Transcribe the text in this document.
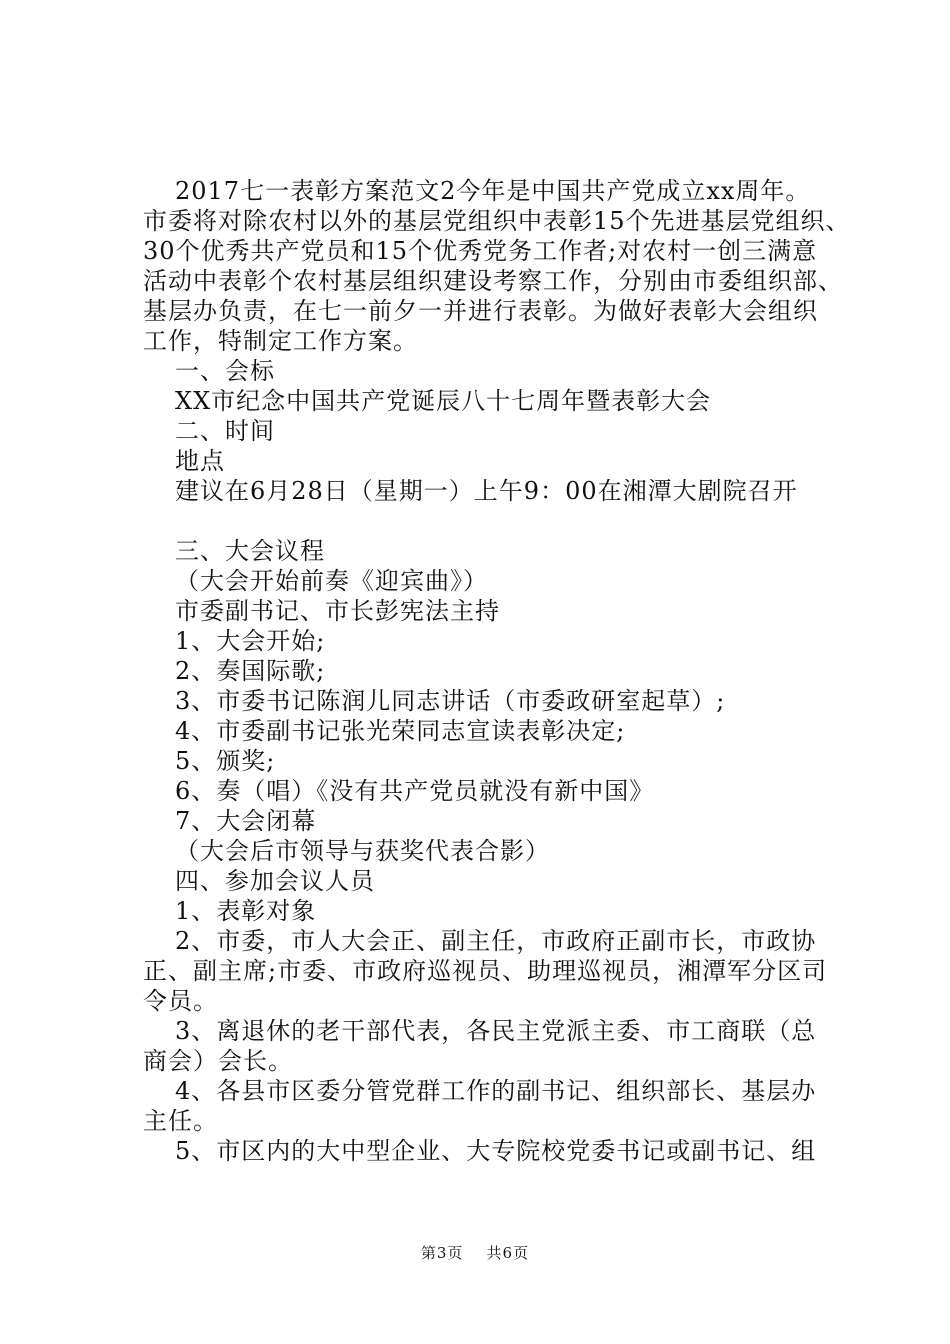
2017七一表彰方案范文2今年是中国共产党成立xx周年。
市委将对除农村以外的基层党组织中表彰15个先进基层党组织、
30个优秀共产党员和15个优秀党务工作者;对农村一创三满意
活动中表彰个农村基层组织建设考察工作，分别由市委组织部、
基层办负责，在七一前夕一并进行表彰。为做好表彰大会组织
工作，特制定工作方案。
一、会标
XX市纪念中国共产党诞辰八十七周年暨表彰大会
二、时间
地点
建议在6月28日（星期一）上午9：00在湘潭大剧院召开
三、大会议程
（大会开始前奏《迎宾曲》）
市委副书记、市长彭宪法主持
1、大会开始;
2、奏国际歌;
3、市委书记陈润儿同志讲话（市委政研室起草）;
4、市委副书记张光荣同志宣读表彰决定;
5、颁奖;
6、奏（唱）《没有共产党员就没有新中国》
7、大会闭幕
（大会后市领导与获奖代表合影）
四、参加会议人员
1、表彰对象
2、市委，市人大会正、副主任，市政府正副市长，市政协
正、副主席;市委、市政府巡视员、助理巡视员，湘潭军分区司
令员。
3、离退休的老干部代表，各民主党派主委、市工商联（总
商会）会长。
4、各县市区委分管党群工作的副书记、组织部长、基层办
主任。
5、市区内的大中型企业、大专院校党委书记或副书记、组
第3页 共6页
